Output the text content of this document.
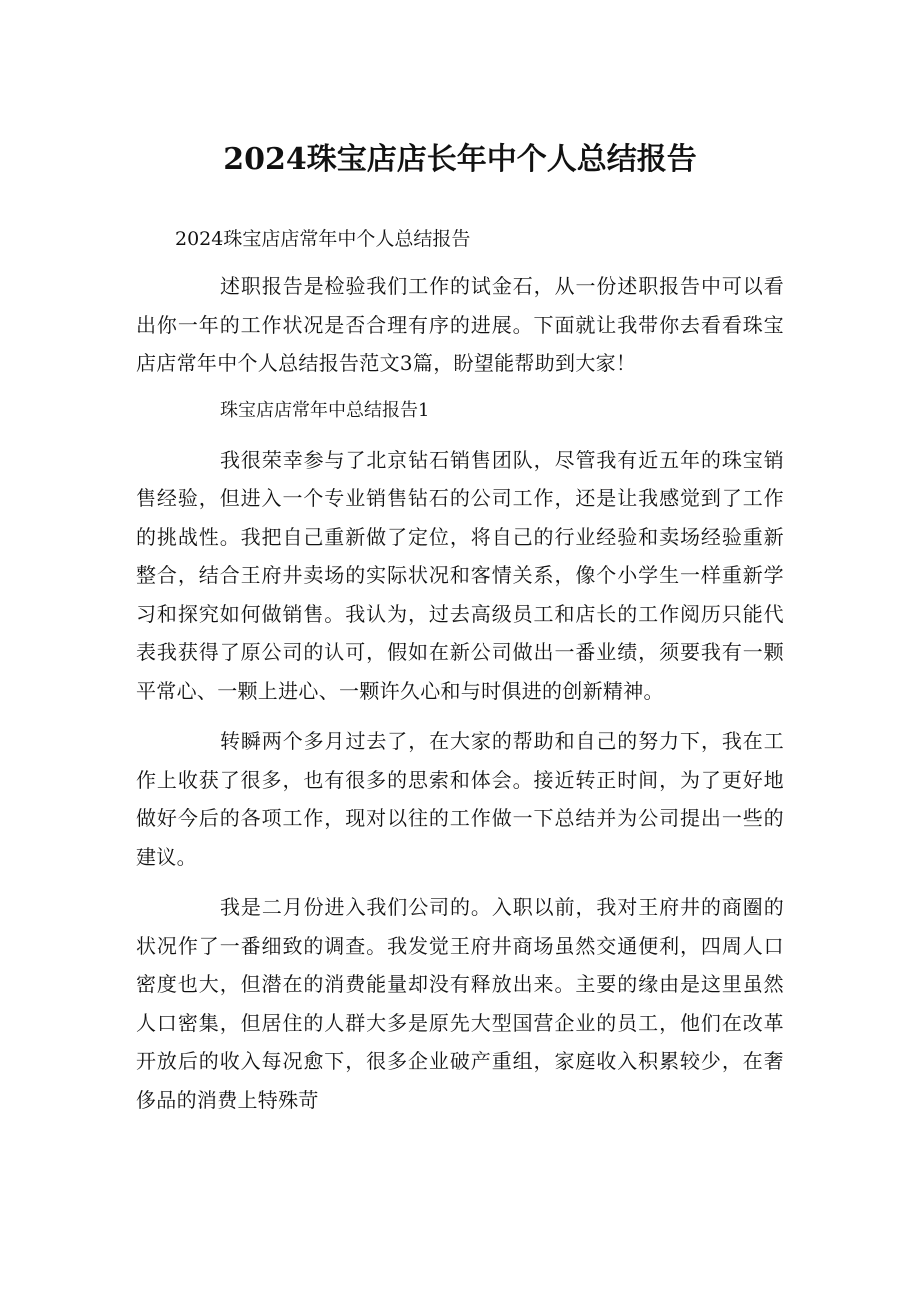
2024珠宝店店长年中个人总结报告
2024珠宝店店常年中个人总结报告

述职报告是检验我们工作的试金石，从一份述职报告中可以看出你一年的工作状况是否合理有序的进展。下面就让我带你去看看珠宝店店常年中个人总结报告范文3篇，盼望能帮助到大家！

珠宝店店常年中总结报告1

我很荣幸参与了北京钻石销售团队，尽管我有近五年的珠宝销售经验，但进入一个专业销售钻石的公司工作，还是让我感觉到了工作的挑战性。我把自己重新做了定位，将自己的行业经验和卖场经验重新整合，结合王府井卖场的实际状况和客情关系，像个小学生一样重新学习和探究如何做销售。我认为，过去高级员工和店长的工作阅历只能代表我获得了原公司的认可，假如在新公司做出一番业绩，须要我有一颗平常心、一颗上进心、一颗许久心和与时俱进的创新精神。

转瞬两个多月过去了，在大家的帮助和自己的努力下，我在工作上收获了很多，也有很多的思索和体会。接近转正时间，为了更好地做好今后的各项工作，现对以往的工作做一下总结并为公司提出一些的建议。

我是二月份进入我们公司的。入职以前，我对王府井的商圈的状况作了一番细致的调查。我发觉王府井商场虽然交通便利，四周人口密度也大，但潜在的消费能量却没有释放出来。主要的缘由是这里虽然人口密集，但居住的人群大多是原先大型国营企业的员工，他们在改革开放后的收入每况愈下，很多企业破产重组，家庭收入积累较少，在奢侈品的消费上特殊苛
